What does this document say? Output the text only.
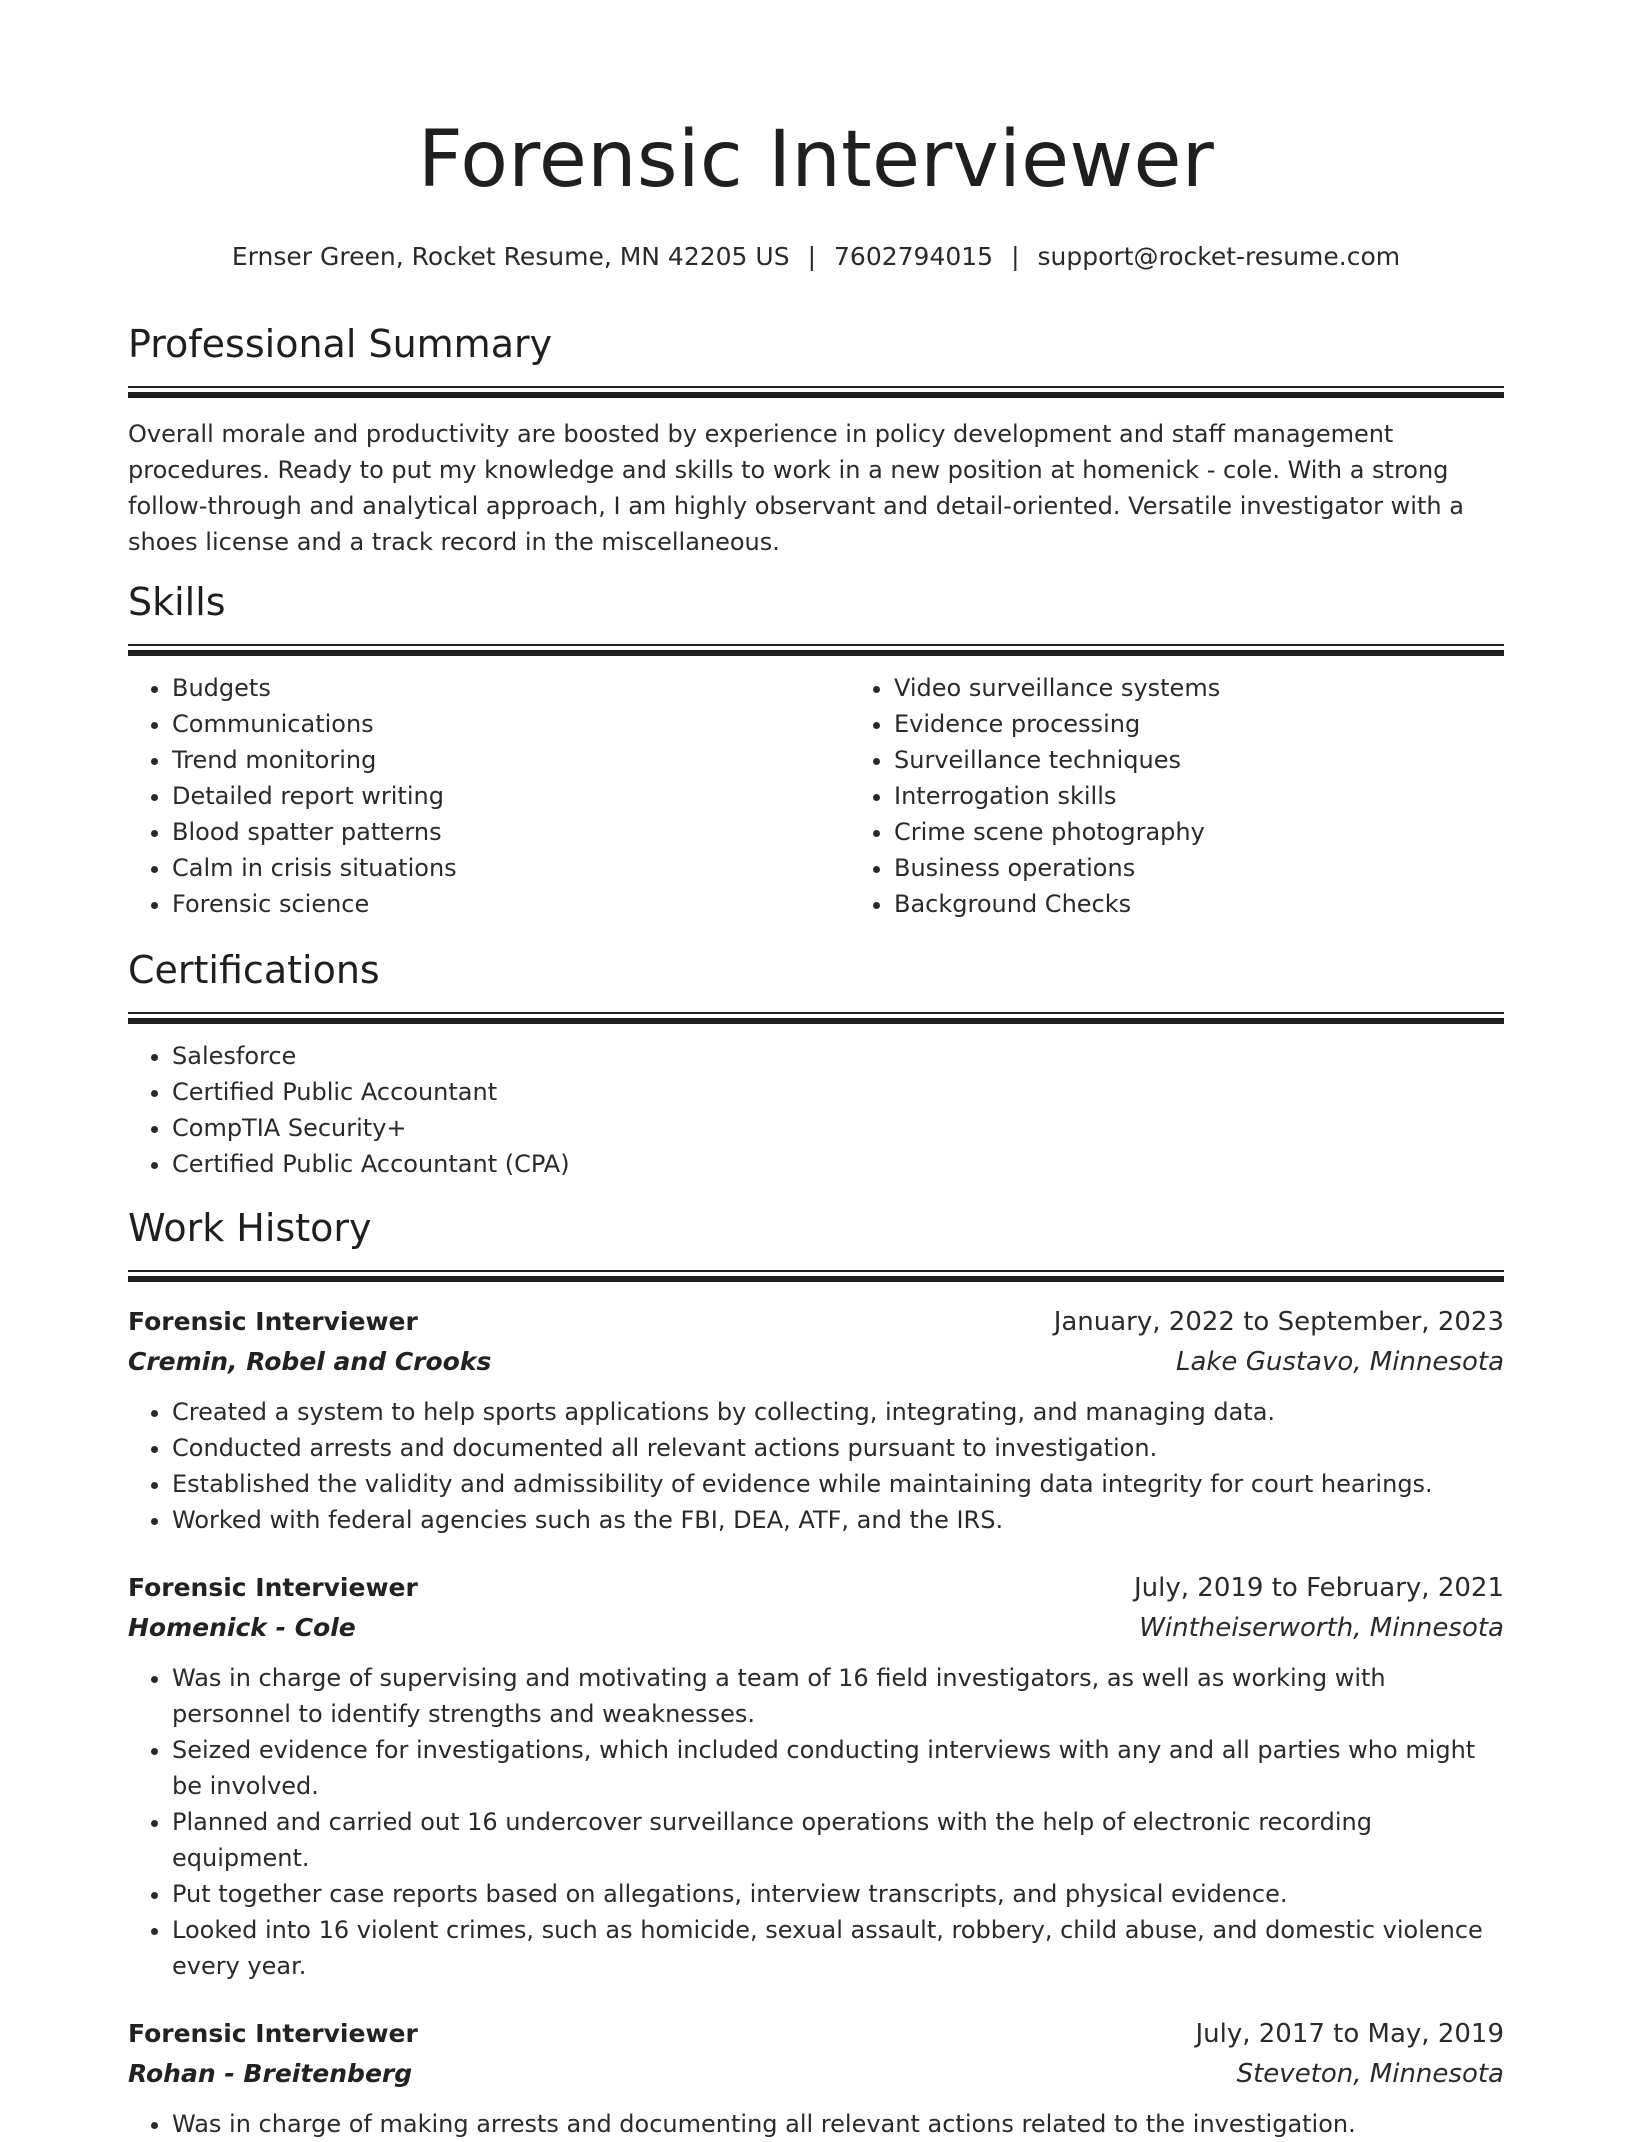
Forensic Interviewer
Ernser Green, Rocket Resume, MN 42205 US | 7602794015 | support@rocket-resume.com
Professional Summary

Overall morale and productivity are boosted by experience in policy development and staff management procedures. Ready to put my knowledge and skills to work in a new position at homenick - cole. With a strong follow-through and analytical approach, I am highly observant and detail-oriented. Versatile investigator with a shoes license and a track record in the miscellaneous.

Skills
• Budgets
• Communications
• Trend monitoring
• Detailed report writing
• Blood spatter patterns
• Calm in crisis situations
• Forensic science
• Video surveillance systems
• Evidence processing
• Surveillance techniques
• Interrogation skills
• Crime scene photography
• Business operations
• Background Checks
Certifications
• Salesforce
• Certified Public Accountant
• CompTIA Security+
• Certified Public Accountant (CPA)
Work History
Forensic Interviewer	January, 2022 to September, 2023
Cremin, Robel and Crooks	Lake Gustavo, Minnesota
• Created a system to help sports applications by collecting, integrating, and managing data.
• Conducted arrests and documented all relevant actions pursuant to investigation.
• Established the validity and admissibility of evidence while maintaining data integrity for court hearings.
• Worked with federal agencies such as the FBI, DEA, ATF, and the IRS.
Forensic Interviewer	July, 2019 to February, 2021
Homenick - Cole	Wintheiserworth, Minnesota
• Was in charge of supervising and motivating a team of 16 field investigators, as well as working with personnel to identify strengths and weaknesses.
• Seized evidence for investigations, which included conducting interviews with any and all parties who might be involved.
• Planned and carried out 16 undercover surveillance operations with the help of electronic recording equipment.
• Put together case reports based on allegations, interview transcripts, and physical evidence.
• Looked into 16 violent crimes, such as homicide, sexual assault, robbery, child abuse, and domestic violence every year.
Forensic Interviewer	July, 2017 to May, 2019
Rohan - Breitenberg	Steveton, Minnesota
• Was in charge of making arrests and documenting all relevant actions related to the investigation.
